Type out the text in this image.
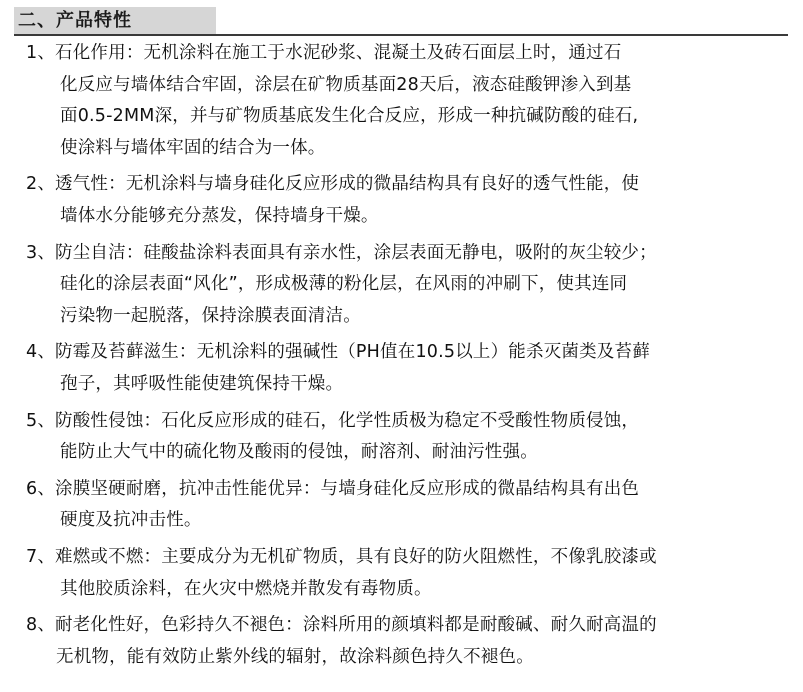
二、产品特性
1、石化作用：无机涂料在施工于水泥砂浆、混凝土及砖石面层上时，通过石
化反应与墙体结合牢固，涂层在矿物质基面28天后，液态硅酸钾渗入到基
面0.5-2MM深，并与矿物质基底发生化合反应，形成一种抗碱防酸的硅石,
使涂料与墙体牢固的结合为一体。
2、透气性：无机涂料与墙身硅化反应形成的微晶结构具有良好的透气性能，使
墙体水分能够充分蒸发，保持墙身干燥。
3、防尘自洁：硅酸盐涂料表面具有亲水性，涂层表面无静电，吸附的灰尘较少；
硅化的涂层表面“风化”，形成极薄的粉化层，在风雨的冲刷下，使其连同
污染物一起脱落，保持涂膜表面清洁。
4、防霉及苔藓滋生：无机涂料的强碱性（PH值在10.5以上）能杀灭菌类及苔藓
孢子，其呼吸性能使建筑保持干燥。
5、防酸性侵蚀：石化反应形成的硅石，化学性质极为稳定不受酸性物质侵蚀，
能防止大气中的硫化物及酸雨的侵蚀，耐溶剂、耐油污性强。
6、涂膜坚硬耐磨，抗冲击性能优异：与墙身硅化反应形成的微晶结构具有出色
硬度及抗冲击性。
7、难燃或不燃：主要成分为无机矿物质，具有良好的防火阻燃性，不像乳胶漆或
其他胶质涂料，在火灾中燃烧并散发有毒物质。
8、耐老化性好，色彩持久不褪色：涂料所用的颜填料都是耐酸碱、耐久耐高温的
无机物，能有效防止紫外线的辐射，故涂料颜色持久不褪色。
